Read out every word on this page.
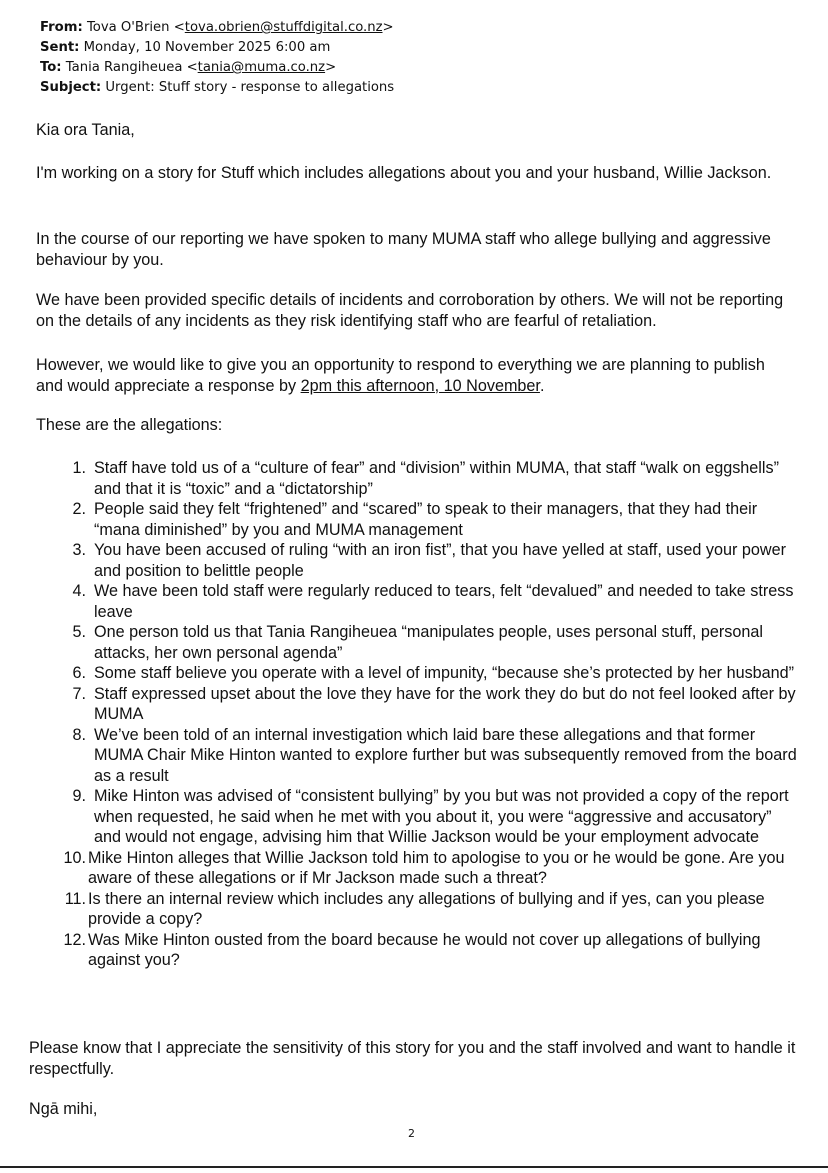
From: Tova O'Brien <tova.obrien@stuffdigital.co.nz>
Sent: Monday, 10 November 2025 6:00 am
To: Tania Rangiheuea <tania@muma.co.nz>
Subject: Urgent: Stuff story - response to allegations
Kia ora Tania,
I'm working on a story for Stuff which includes allegations about you and your husband, Willie Jackson.
In the course of our reporting we have spoken to many MUMA staff who allege bullying and aggressive behaviour by you.
We have been provided specific details of incidents and corroboration by others. We will not be reporting on the details of any incidents as they risk identifying staff who are fearful of retaliation.
However, we would like to give you an opportunity to respond to everything we are planning to publish and would appreciate a response by 2pm this afternoon, 10 November.
These are the allegations:
1. Staff have told us of a “culture of fear” and “division” within MUMA, that staff “walk on eggshells” and that it is “toxic” and a “dictatorship”
2. People said they felt “frightened” and “scared” to speak to their managers, that they had their “mana diminished” by you and MUMA management
3. You have been accused of ruling “with an iron fist”, that you have yelled at staff, used your power and position to belittle people
4. We have been told staff were regularly reduced to tears, felt “devalued” and needed to take stress leave
5. One person told us that Tania Rangiheuea “manipulates people, uses personal stuff, personal attacks, her own personal agenda”
6. Some staff believe you operate with a level of impunity, “because she’s protected by her husband”
7. Staff expressed upset about the love they have for the work they do but do not feel looked after by MUMA
8. We’ve been told of an internal investigation which laid bare these allegations and that former MUMA Chair Mike Hinton wanted to explore further but was subsequently removed from the board as a result
9. Mike Hinton was advised of “consistent bullying” by you but was not provided a copy of the report when requested, he said when he met with you about it, you were “aggressive and accusatory” and would not engage, advising him that Willie Jackson would be your employment advocate
10. Mike Hinton alleges that Willie Jackson told him to apologise to you or he would be gone. Are you aware of these allegations or if Mr Jackson made such a threat?
11. Is there an internal review which includes any allegations of bullying and if yes, can you please provide a copy?
12. Was Mike Hinton ousted from the board because he would not cover up allegations of bullying against you?
Please know that I appreciate the sensitivity of this story for you and the staff involved and want to handle it respectfully.
Ngā mihi,
2
